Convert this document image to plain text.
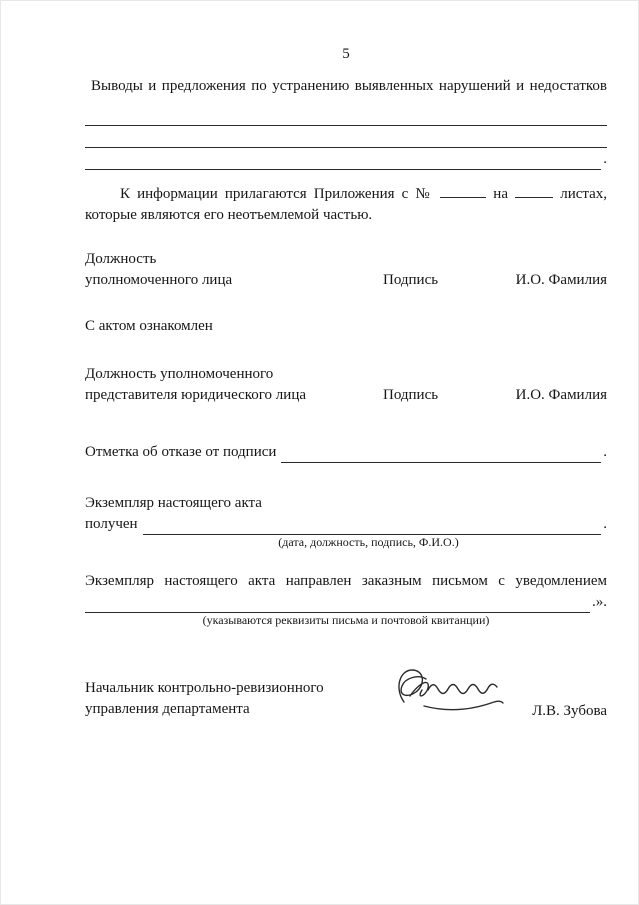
5
Выводы и предложения по устранению выявленных нарушений и недостатков
.
К информации прилагаются Приложения с №	на	листах,
которые являются его неотъемлемой частью.
Должность
уполномоченного лица	Подпись	И.О. Фамилия
С актом ознакомлен
Должность уполномоченного
представителя юридического лица	Подпись	И.О. Фамилия
Отметка об отказе от подписи	.
Экземпляр настоящего акта
получен	.
(дата, должность, подпись, Ф.И.О.)
Экземпляр настоящего акта направлен заказным письмом с уведомлением
.».
(указываются реквизиты письма и почтовой квитанции)
Начальник контрольно-ревизионного
управления департамента	Л.В. Зубова
